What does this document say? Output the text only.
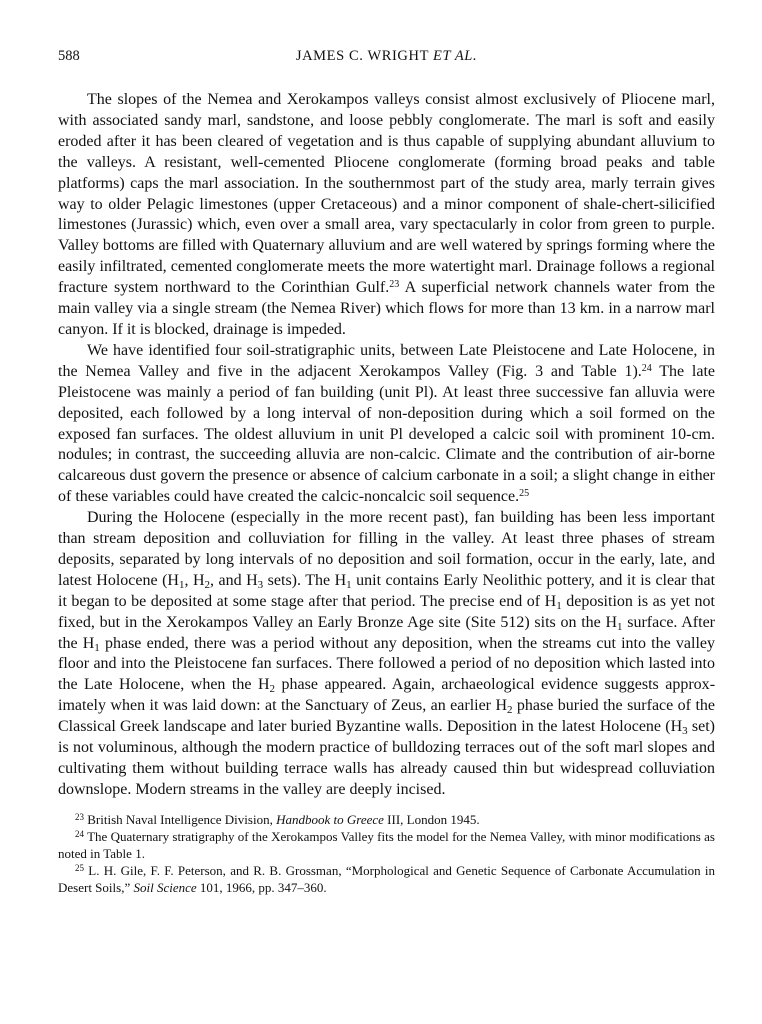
588	JAMES C. WRIGHT ET AL.

The slopes of the Nemea and Xerokampos valleys consist almost exclusively of Pliocene marl, with associated sandy marl, sandstone, and loose pebbly conglomerate. The marl is soft and easily eroded after it has been cleared of vegetation and is thus capable of supplying abundant alluvium to the valleys. A resistant, well-cemented Pliocene conglomerate (forming broad peaks and table platforms) caps the marl association. In the southernmost part of the study area, marly terrain gives way to older Pelagic limestones (upper Cretaceous) and a minor component of shale-chert-silicified limestones (Jurassic) which, even over a small area, vary spectacularly in color from green to purple. Valley bottoms are filled with Quaternary alluvium and are well watered by springs forming where the easily infiltrated, cemented conglomerate meets the more watertight marl. Drainage follows a regional fracture system northward to the Corinthian Gulf.$^{23}$ A superficial network channels water from the main valley via a single stream (the Nemea River) which flows for more than 13 km. in a narrow marl canyon. If it is blocked, drainage is impeded.

We have identified four soil-stratigraphic units, between Late Pleistocene and Late Holocene, in the Nemea Valley and five in the adjacent Xerokampos Valley (Fig. 3 and Table 1).$^{24}$ The late Pleistocene was mainly a period of fan building (unit Pl). At least three successive fan alluvia were deposited, each followed by a long interval of non-deposition during which a soil formed on the exposed fan surfaces. The oldest alluvium in unit Pl developed a calcic soil with prominent 10-cm. nodules; in contrast, the succeeding alluvia are non-calcic. Climate and the contribution of air-borne calcareous dust govern the presence or absence of calcium carbonate in a soil; a slight change in either of these variables could have created the calcic-noncalcic soil sequence.$^{25}$

During the Holocene (especially in the more recent past), fan building has been less important than stream deposition and colluviation for filling in the valley. At least three phases of stream deposits, separated by long intervals of no deposition and soil formation, occur in the early, late, and latest Holocene ($H_1$, $H_2$, and $H_3$ sets). The $H_1$ unit contains Early Neolithic pottery, and it is clear that it began to be deposited at some stage after that period. The precise end of $H_1$ deposition is as yet not fixed, but in the Xerokampos Valley an Early Bronze Age site (Site 512) sits on the $H_1$ surface. After the $H_1$ phase ended, there was a period without any deposition, when the streams cut into the valley floor and into the Pleistocene fan surfaces. There followed a period of no deposition which lasted into the Late Holocene, when the $H_2$ phase appeared. Again, archaeological evidence suggests approximately when it was laid down: at the Sanctuary of Zeus, an earlier $H_2$ phase buried the surface of the Classical Greek landscape and later buried Byzantine walls. Deposition in the latest Holocene ($H_3$ set) is not voluminous, although the modern practice of bulldozing terraces out of the soft marl slopes and cultivating them without building terrace walls has already caused thin but widespread colluviation downslope. Modern streams in the valley are deeply incised.

$^{23}$ British Naval Intelligence Division, Handbook to Greece III, London 1945.

$^{24}$ The Quaternary stratigraphy of the Xerokampos Valley fits the model for the Nemea Valley, with minor modifications as noted in Table 1.

$^{25}$ L. H. Gile, F. F. Peterson, and R. B. Grossman, “Morphological and Genetic Sequence of Carbonate Accumulation in Desert Soils,” Soil Science 101, 1966, pp. 347–360.
